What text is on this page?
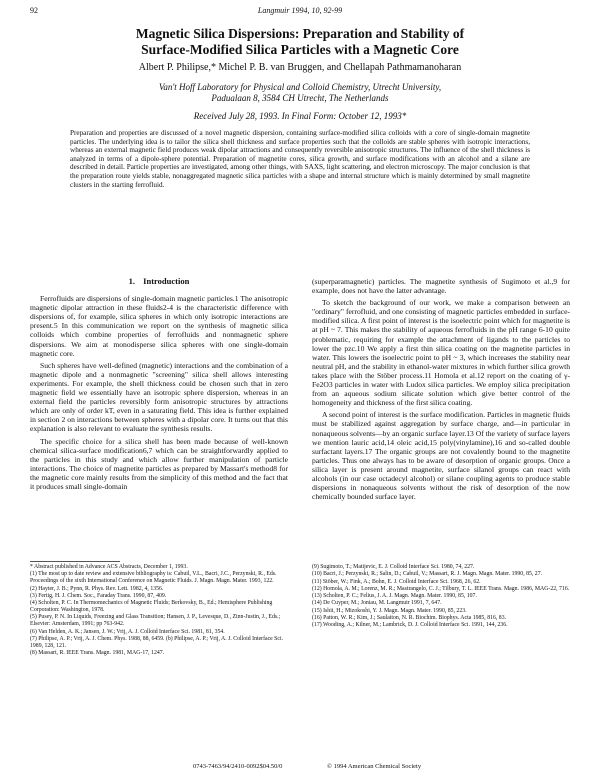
92	Langmuir 1994, 10, 92-99
Magnetic Silica Dispersions: Preparation and Stability of
Surface-Modified Silica Particles with a Magnetic Core
Albert P. Philipse,* Michel P. B. van Bruggen, and Chellapah Pathmamanoharan
Van't Hoff Laboratory for Physical and Colloid Chemistry, Utrecht University,
Padualaan 8, 3584 CH Utrecht, The Netherlands
Received July 28, 1993. In Final Form: October 12, 1993*
Preparation and properties are discussed of a novel magnetic dispersion, containing surface-modified silica colloids with a core of single-domain magnetite particles. The underlying idea is to tailor the silica shell thickness and surface properties such that the colloids are stable spheres with isotropic interactions, whereas an external magnetic field produces weak dipolar attractions and consequently reversible anisotropic structures. The influence of the shell thickness is analyzed in terms of a dipole-sphere potential. Preparation of magnetite cores, silica growth, and surface modifications with an alcohol and a silane are described in detail. Particle properties are investigated, among other things, with SAXS, light scattering, and electron microscopy. The major conclusion is that the preparation route yields stable, nonaggregated magnetic silica particles with a shape and internal structure which is mainly determined by small magnetite clusters in the starting ferrofluid.
1. Introduction

Ferrofluids are dispersions of single-domain magnetic particles.1 The anisotropic magnetic dipolar attraction in these fluids2-4 is the characteristic difference with dispersions of, for example, silica spheres in which only isotropic interactions are present.5 In this communication we report on the synthesis of magnetic silica colloids which combine properties of ferrofluids and nonmagnetic sphere dispersions. We aim at monodisperse silica spheres with one single-domain magnetic core.

Such spheres have well-defined (magnetic) interactions and the combination of a magnetic dipole and a nonmagnetic "screening" silica shell allows interesting experiments. For example, the shell thickness could be chosen such that in zero magnetic field we essentially have an isotropic sphere dispersion, whereas in an external field the particles reversibly form anisotropic structures by attractions which are only of order kT, even in a saturating field. This idea is further explained in section 2 on interactions between spheres with a dipolar core. It turns out that this explanation is also relevant to evaluate the synthesis results.

The specific choice for a silica shell has been made because of well-known chemical silica-surface modification6,7 which can be straightforwardly applied to the particles in this study and which allow further manipulation of particle interactions. The choice of magnetite particles as prepared by Massart's method8 for the magnetic core mainly results from the simplicity of this method and the fact that it produces small single-domain

(superparamagnetic) particles. The magnetite synthesis of Sugimoto et al.,9 for example, does not have the latter advantage.

To sketch the background of our work, we make a comparison between an "ordinary" ferrofluid, and one consisting of magnetic particles embedded in surface-modified silica. A first point of interest is the isoelectric point which for magnetite is at pH ~ 7. This makes the stability of aqueous ferrofluids in the pH range 6-10 quite problematic, requiring for example the attachment of ligands to the particles to lower the pzc.10 We apply a first thin silica coating on the magnetite particles in water. This lowers the isoelectric point to pH ~ 3, which increases the stability near neutral pH, and the stability in ethanol-water mixtures in which further silica growth takes place with the Stöber process.11 Homola et al.12 report on the coating of γ-Fe2O3 particles in water with Ludox silica particles. We employ silica precipitation from an aqueous sodium silicate solution which give better control of the homogeneity and thickness of the first silica coating.

A second point of interest is the surface modification. Particles in magnetic fluids must be stabilized against aggregation by surface charge, and—in particular in nonaqueous solvents—by an organic surface layer.13 Of the variety of surface layers we mention lauric acid,14 oleic acid,15 poly(vinylamine),16 and so-called double surfactant layers.17 The organic groups are not covalently bound to the magnetite particles. Thus one always has to be aware of desorption of organic groups. Once a silica layer is present around magnetite, surface silanol groups can react with alcohols (in our case octadecyl alcohol) or silane coupling agents to produce stable dispersions in nonaqueous solvents without the risk of desorption of the now chemically bounded surface layer.

* Abstract published in Advance ACS Abstracts, December 1, 1993.
(1) The most up to date review and extensive bibliography is: Cabuil, V.L., Bacri, J.C., Perzynski, R., Eds. Proceedings of the sixth International Conference on Magnetic Fluids. J. Magn. Magn. Mater. 1993, 122.
(2) Hayter, J. B.; Pynn, R. Phys. Rev. Lett. 1982, 4, 1356.
(3) Fertig, H. J. Chem. Soc., Faraday Trans. 1990, 87, 409.
(4) Scholten, P. C. In Thermomechanics of Magnetic Fluids; Berkovsky, B., Ed.; Hemisphere Publishing Corporation: Washington, 1978.
(5) Pusey, P. N. In Liquids, Freezing and Glass Transition; Hansen, J. P., Levesque, D., Zinn-Justin, J., Eds.; Elsevier: Amsterdam, 1991; pp 763-942.
(6) Van Helden, A. K.; Jansen, J. W.; Vrij, A. J. Colloid Interface Sci. 1981, 81, 354.
(7) Philipse, A. P.; Vrij, A. J. Chem. Phys. 1988, 88, 6459. (b) Philipse, A. P.; Vrij, A. J. Colloid Interface Sci. 1989, 128, 121.
(8) Massart, R. IEEE Trans. Magn. 1981, MAG-17, 1247.
(9) Sugimoto, T.; Matijevic, E. J. Colloid Interface Sci. 1980, 74, 227.
(10) Bacri, J.; Perzynski, R.; Salin, D.; Cabuil, V.; Massart, R. J. Magn. Magn. Mater. 1990, 85, 27.
(11) Stöber, W.; Fink, A.; Bohn, E. J. Colloid Interface Sci. 1968, 26, 62.
(12) Homola, A. M.; Lorenz, M. R.; Mastrangelo, C. J.; Tilbury, T. L. IEEE Trans. Magn. 1986, MAG-22, 716.
(13) Scholten, P. C.; Felius, J. A. J. Magn. Magn. Mater. 1990, 85, 107.
(14) De Cuyper, M.; Joniau, M. Langmuir 1991, 7, 647.
(15) Ishii, H.; Mizokoshi, Y. J. Magn. Magn. Mater. 1990, 85, 223.
(16) Patton, W. R.; Kim, J.; Saulaiton, N. R. Biochim. Biophys. Acta 1985, 816, 83.
(17) Wooding, A.; Kilner, M.; Lambrick, D. J. Colloid Interface Sci. 1991, 144, 236.
0743-7463/94/2410-0092$04.50/0	© 1994 American Chemical Society
